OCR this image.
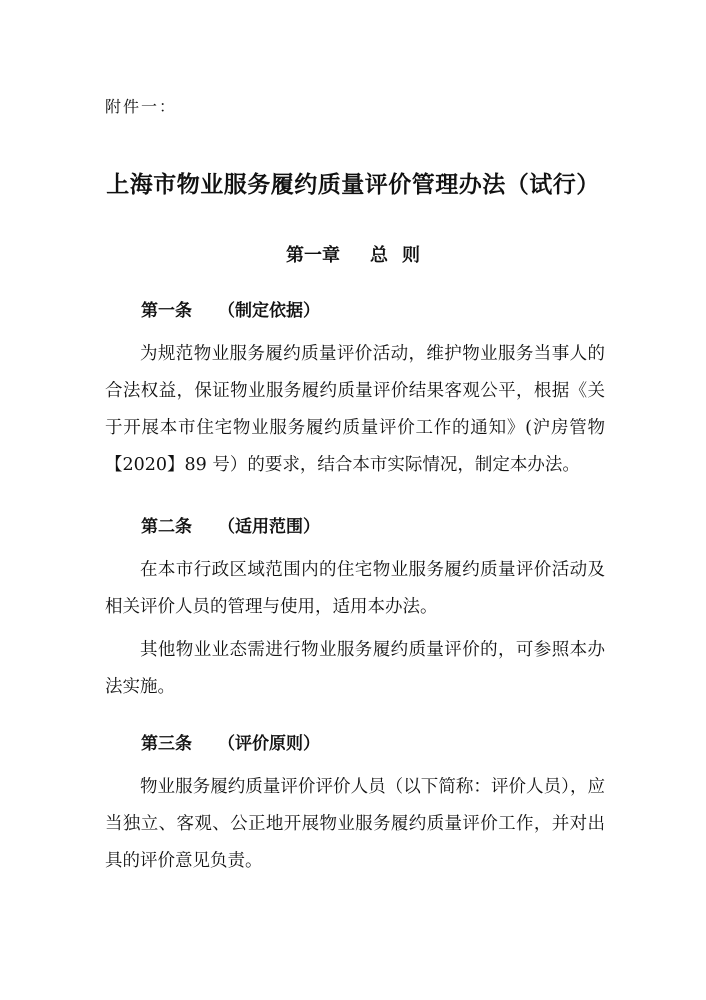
附件一：
上海市物业服务履约质量评价管理办法（试行）
第一章 总 则
第一条 （制定依据）
为规范物业服务履约质量评价活动，维护物业服务当事人的合法权益，保证物业服务履约质量评价结果客观公平，根据《关于开展本市住宅物业服务履约质量评价工作的通知》(沪房管物【2020】89 号）的要求，结合本市实际情况，制定本办法。
第二条 （适用范围）
在本市行政区域范围内的住宅物业服务履约质量评价活动及相关评价人员的管理与使用，适用本办法。
其他物业业态需进行物业服务履约质量评价的，可参照本办法实施。
第三条 （评价原则）
物业服务履约质量评价评价人员（以下简称：评价人员），应当独立、客观、公正地开展物业服务履约质量评价工作，并对出具的评价意见负责。
